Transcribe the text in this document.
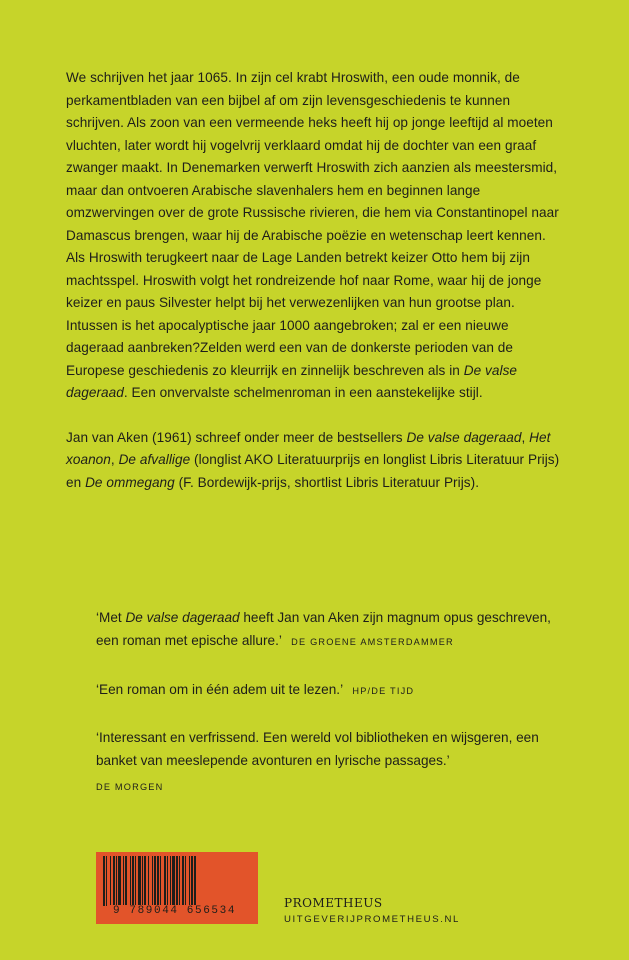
We schrijven het jaar 1065. In zijn cel krabt Hroswith, een oude monnik, de perkamentbladen van een bijbel af om zijn levensgeschiedenis te kunnen schrijven. Als zoon van een vermeende heks heeft hij op jonge leeftijd al moeten vluchten, later wordt hij vogelvrij verklaard omdat hij de dochter van een graaf zwanger maakt. In Denemarken verwerft Hroswith zich aanzien als meestersmid, maar dan ontvoeren Arabische slavenhalers hem en beginnen lange omzwervingen over de grote Russische rivieren, die hem via Constantinopel naar Damascus brengen, waar hij de Arabische poëzie en wetenschap leert kennen. Als Hroswith terugkeert naar de Lage Landen betrekt keizer Otto hem bij zijn machtsspel. Hroswith volgt het rondreizende hof naar Rome, waar hij de jonge keizer en paus Silvester helpt bij het verwezenlijken van hun grootse plan. Intussen is het apocalyptische jaar 1000 aangebroken; zal er een nieuwe dageraad aanbreken?Zelden werd een van de donkerste perioden van de Europese geschiedenis zo kleurrijk en zinnelijk beschreven als in De valse dageraad. Een onvervalste schelmenroman in een aanstekelijke stijl.

Jan van Aken (1961) schreef onder meer de bestsellers De valse dageraad, Het xoanon, De afvallige (longlist AKO Literatuurprijs en longlist Libris Literatuur Prijs) en De ommegang (F. Bordewijk-prijs, shortlist Libris Literatuur Prijs).

‘Met De valse dageraad heeft Jan van Aken zijn magnum opus geschreven, een roman met epische allure.’ DE GROENE AMSTERDAMMER

‘Een roman om in één adem uit te lezen.’ HP/DE TIJD

‘Interessant en verfrissend. Een wereld vol bibliotheken en wijsgeren, een banket van meeslepende avonturen en lyrische passages.’
DE MORGEN

9 789044 656534
PROMETHEUS
UITGEVERIJPROMETHEUS.NL
